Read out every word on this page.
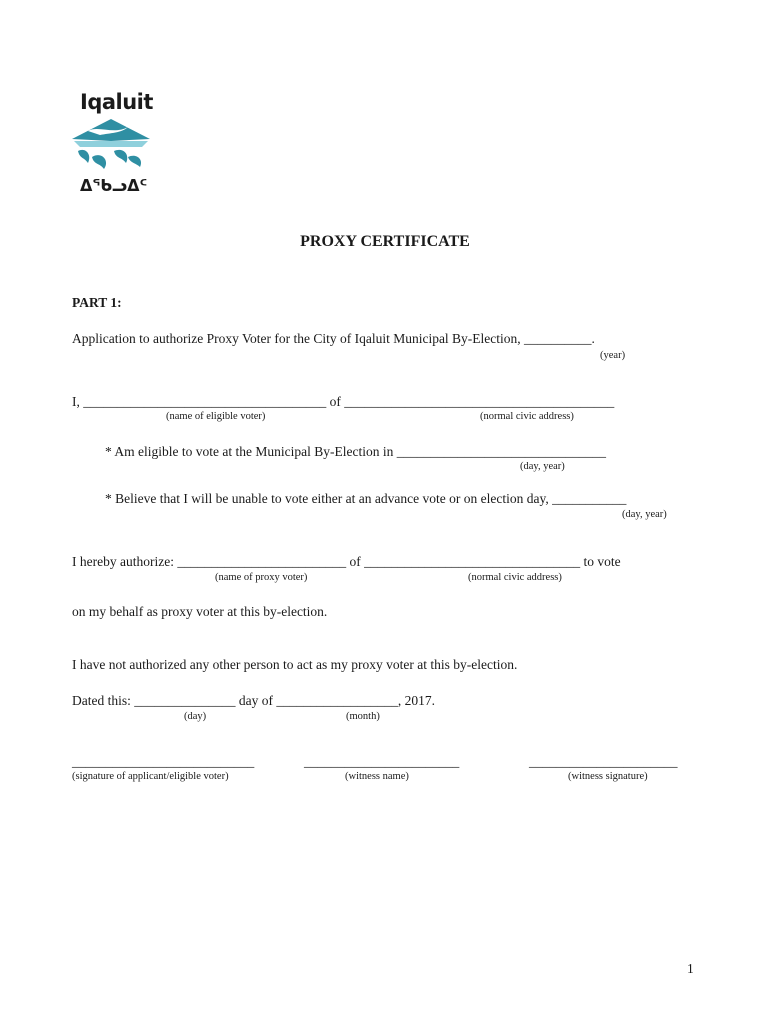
Iqaluit
ᐃᖃᓗᐃᑦ
PROXY CERTIFICATE
PART 1:
Application to authorize Proxy Voter for the City of Iqaluit Municipal By-Election, __________.
(year)
I, ____________________________________ of ________________________________________
(name of eligible voter)	(normal civic address)
* Am eligible to vote at the Municipal By-Election in _______________________________
(day, year)
* Believe that I will be unable to vote either at an advance vote or on election day, ___________
(day, year)
I hereby authorize: _________________________ of ________________________________ to vote
(name of proxy voter)	(normal civic address)
on my behalf as proxy voter at this by-election.
I have not authorized any other person to act as my proxy voter at this by-election.
Dated this: _______________ day of __________________, 2017.
(day)	(month)
___________________________	_______________________	______________________
(signature of applicant/eligible voter)	(witness name)	(witness signature)
1
